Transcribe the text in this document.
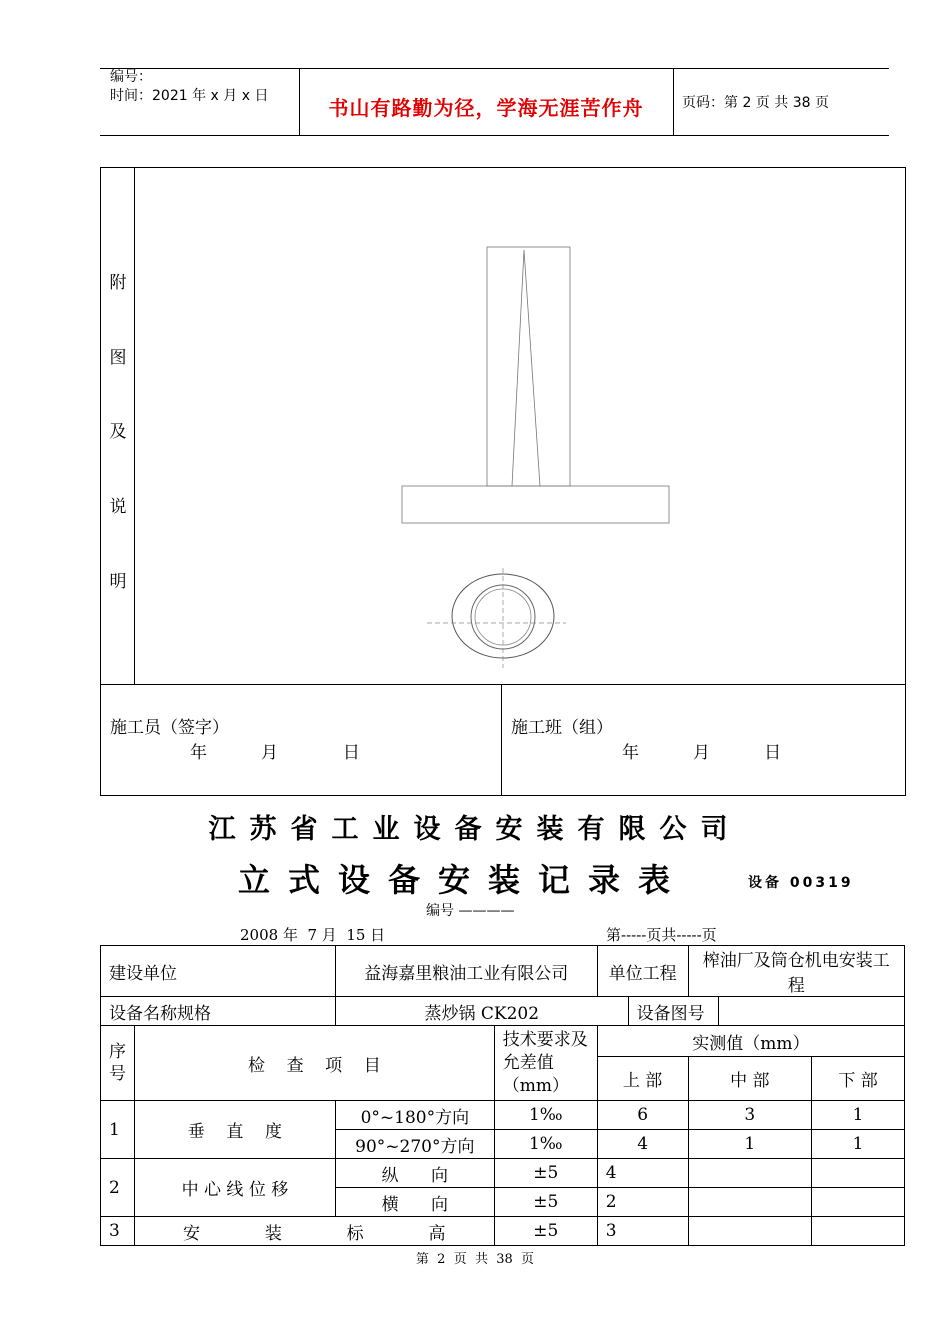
编号：
时间：2021 年 x 月 x 日	书山有路勤为径，学海无涯苦作舟	页码：第 2 页 共 38 页
附
图
及
说
明
施工员（签字）
年          月            日
施工班（组）
年          月          日
江苏省工业设备安装有限公司
立式设备安装记录表	设备 00319
编号 ————
2008 年  7 月  15 日	第-----页共-----页
建设单位		益海嘉里粮油工业有限公司		单位工程		榨油厂及筒仓机电安装工程		
设备名称规格		蒸炒锅 CK202			设备图号			
序号	检    查    项    目		技术要求及允差值（mm）	实测值（mm）				
				上 部		中 部		下 部
1	垂    直    度	0°~180°方向	1‰	6		3		1
		90°~270°方向	1‰	4		1		1
2	中 心 线 位 移	纵      向	±5	4				
		横      向	±5	2				
3	安            装            标            高		±5	3				
第  2  页  共  38  页
